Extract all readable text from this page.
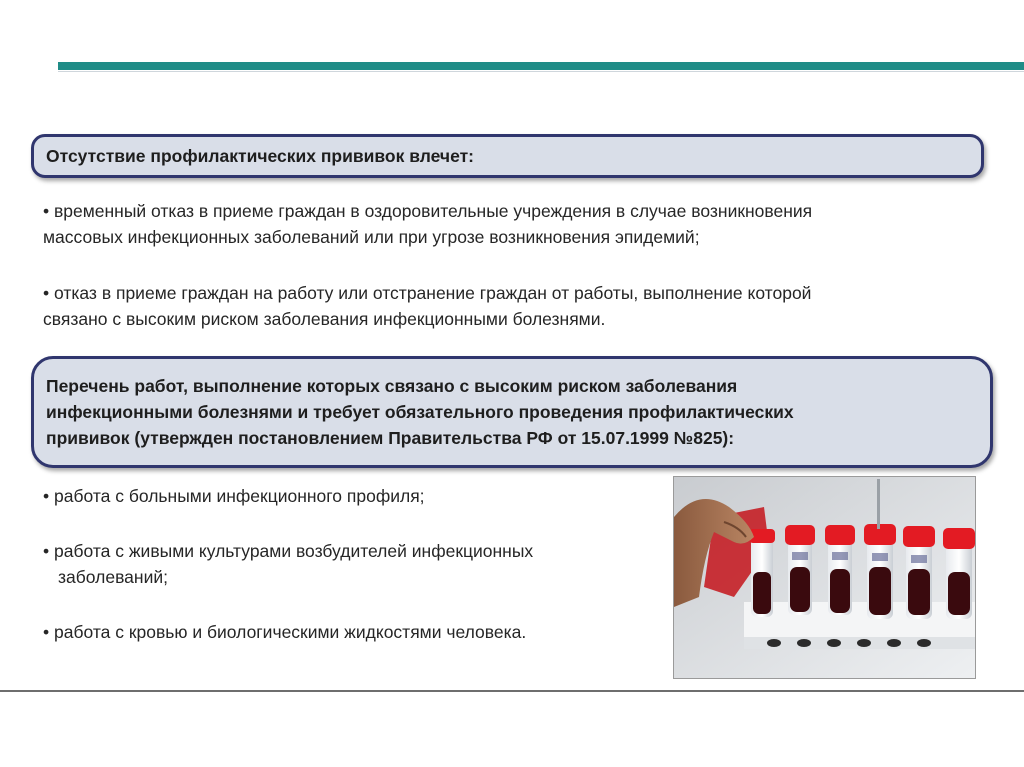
Отсутствие профилактических прививок влечет:
• временный отказ в приеме граждан в оздоровительные учреждения в случае возникновения
массовых инфекционных заболеваний или при угрозе возникновения эпидемий;
• отказ в приеме граждан на работу или отстранение граждан от работы, выполнение которой
связано с высоким риском заболевания инфекционными болезнями.
Перечень работ, выполнение которых связано с высоким риском заболевания
инфекционными болезнями и требует обязательного проведения профилактических
прививок (утвержден постановлением Правительства РФ от 15.07.1999 №825):
• работа с больными инфекционного профиля;
• работа с живыми культурами возбудителей инфекционных
заболеваний;
• работа с кровью и биологическими жидкостями человека.
